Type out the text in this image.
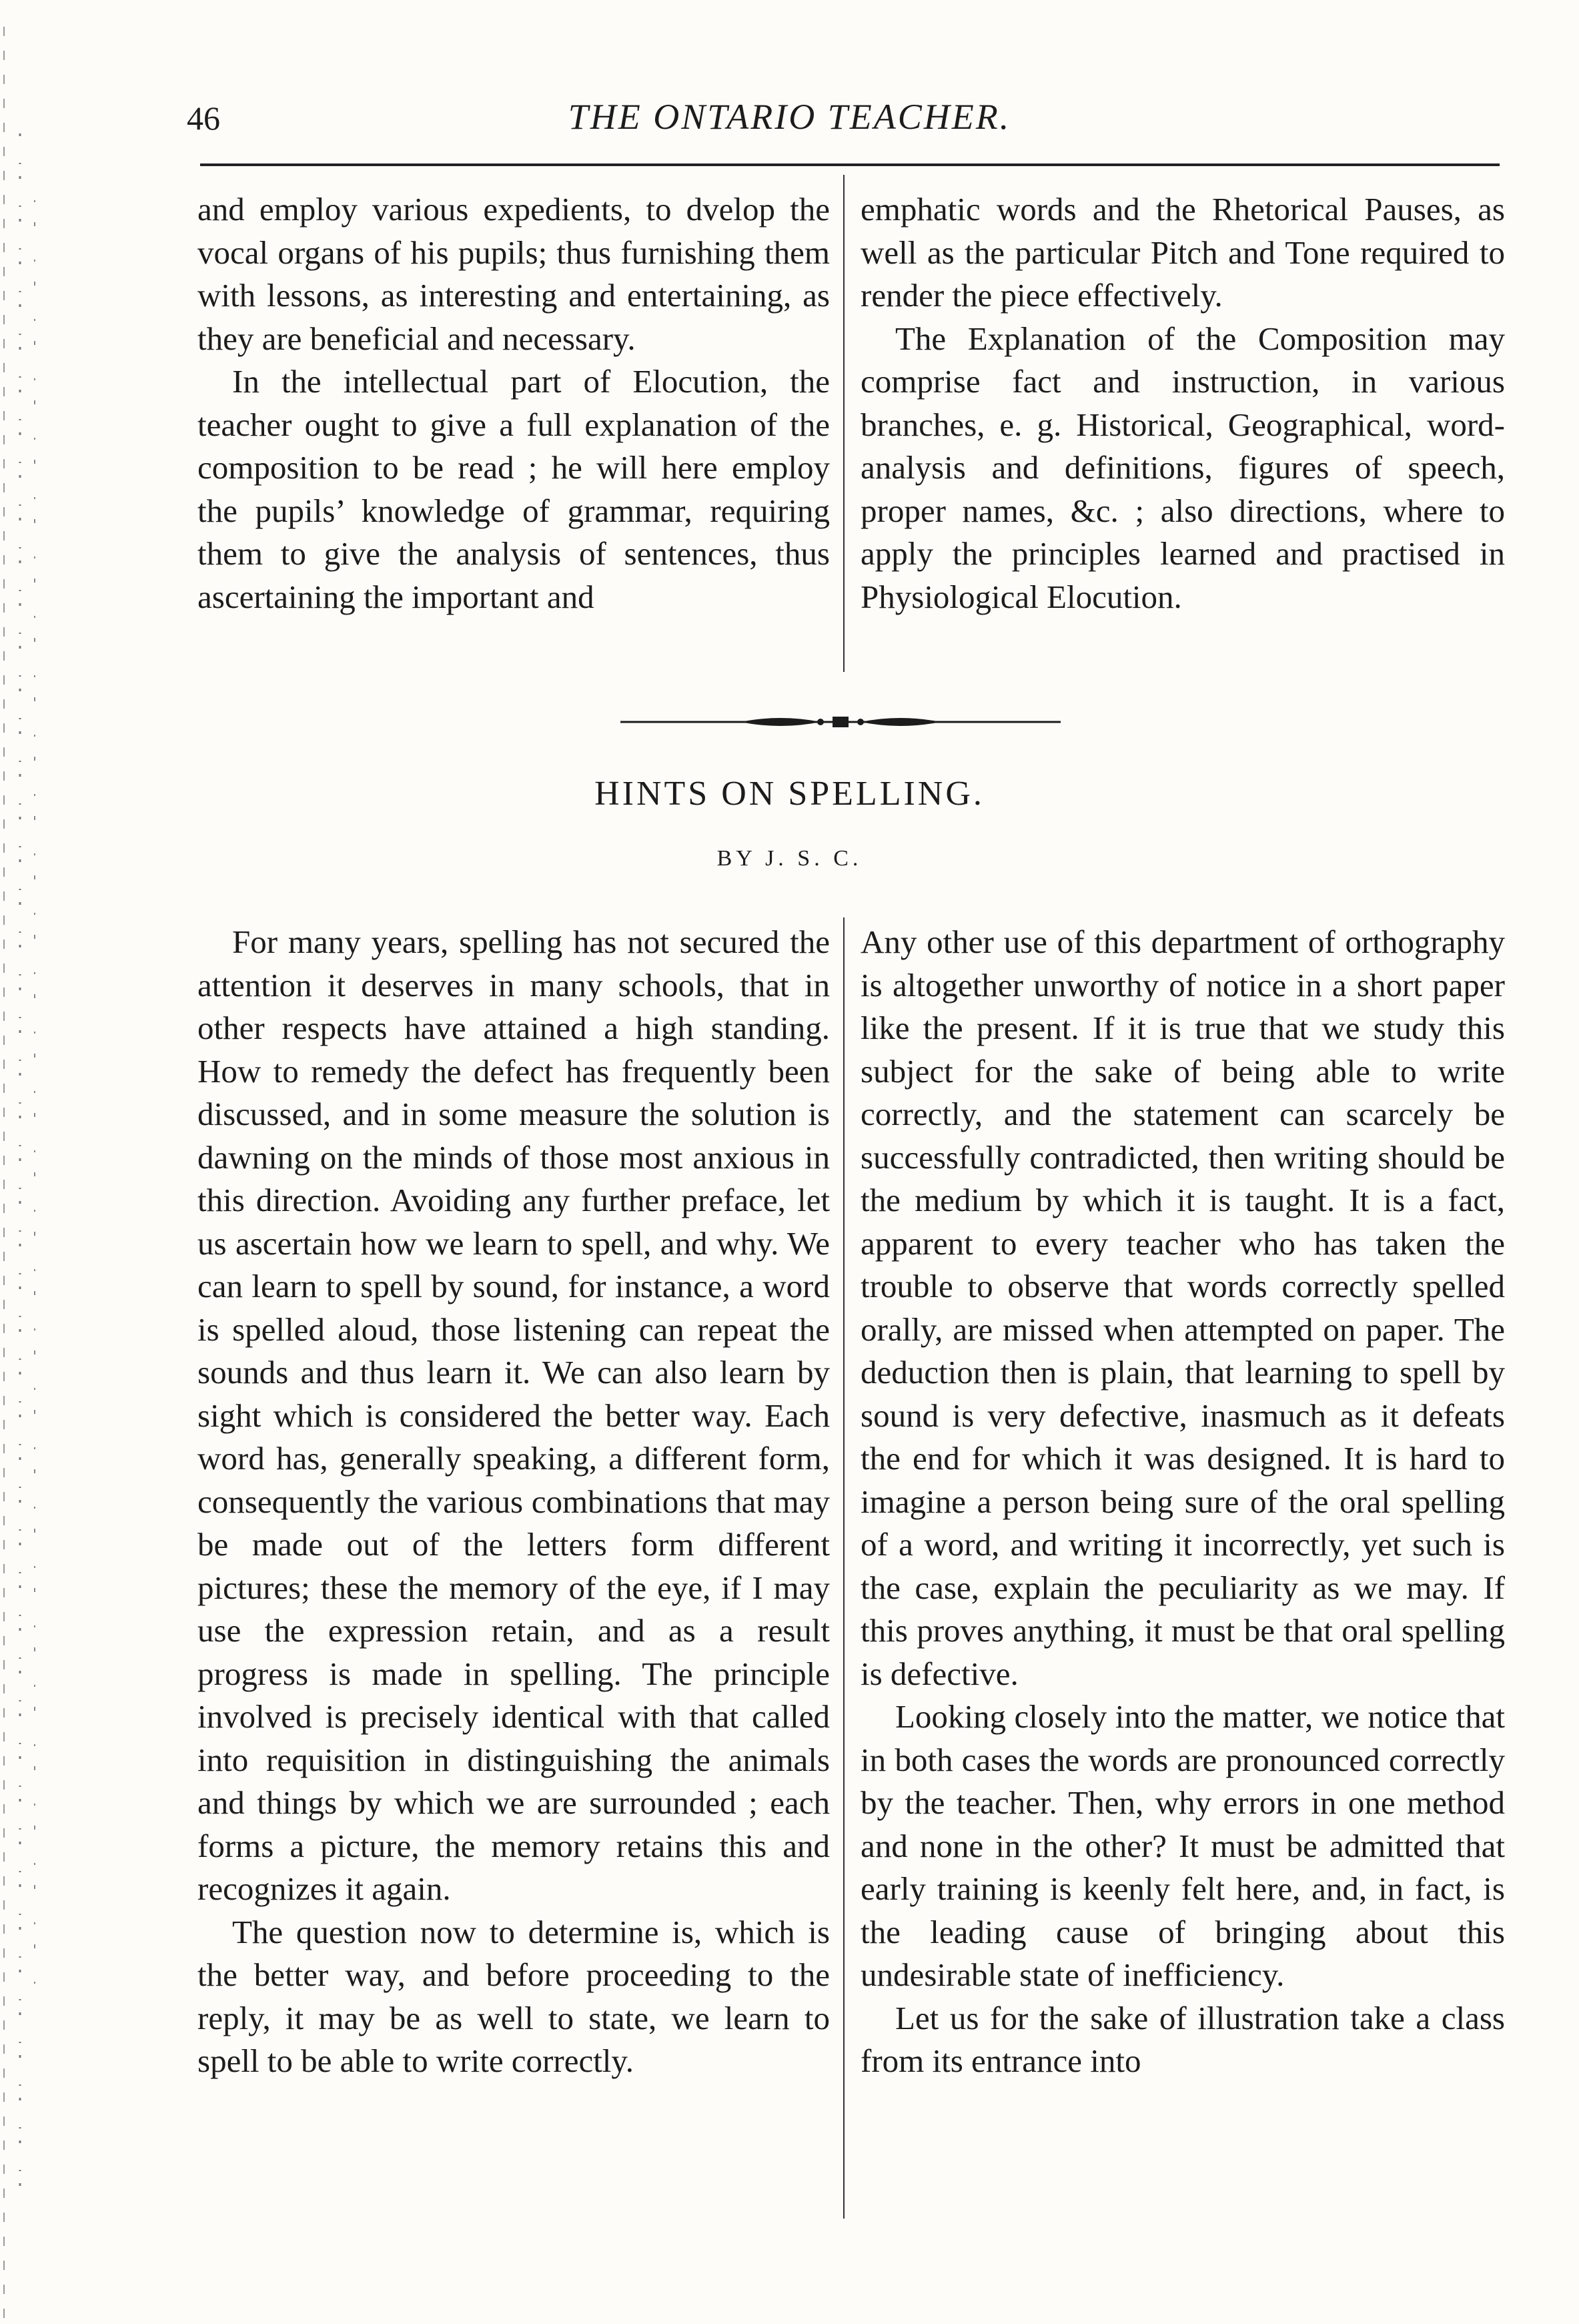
46	THE ONTARIO TEACHER.

and employ various expedients, to dvelop the vocal organs of his pupils; thus furnishing them with lessons, as interesting and entertaining, as they are beneficial and necessary.

In the intellectual part of Elocution, the teacher ought to give a full explanation of the composition to be read ; he will here employ the pupils’ knowledge of grammar, requiring them to give the analysis of sentences, thus ascertaining the important and

emphatic words and the Rhetorical Pauses, as well as the particular Pitch and Tone required to render the piece effectively.

The Explanation of the Composition may comprise fact and instruction, in various branches, e. g. Historical, Geographical, word-analysis and definitions, figures of speech, proper names, &c. ; also directions, where to apply the principles learned and practised in Physiological Elocution.

HINTS ON SPELLING.
BY J. S. C.

For many years, spelling has not secured the attention it deserves in many schools, that in other respects have attained a high standing. How to remedy the defect has frequently been discussed, and in some measure the solution is dawning on the minds of those most anxious in this direction. Avoiding any further preface, let us ascertain how we learn to spell, and why. We can learn to spell by sound, for instance, a word is spelled aloud, those listening can repeat the sounds and thus learn it. We can also learn by sight which is considered the better way. Each word has, generally speaking, a different form, consequently the various combinations that may be made out of the letters form different pictures; these the memory of the eye, if I may use the expression retain, and as a result progress is made in spelling. The principle involved is precisely identical with that called into requisition in distinguishing the animals and things by which we are surrounded ; each forms a picture, the memory retains this and recognizes it again.

The question now to determine is, which is the better way, and before proceeding to the reply, it may be as well to state, we learn to spell to be able to write correctly.

Any other use of this department of orthography is altogether unworthy of notice in a short paper like the present. If it is true that we study this subject for the sake of being able to write correctly, and the statement can scarcely be successfully contradicted, then writing should be the medium by which it is taught. It is a fact, apparent to every teacher who has taken the trouble to observe that words correctly spelled orally, are missed when attempted on paper. The deduction then is plain, that learning to spell by sound is very defective, inasmuch as it defeats the end for which it was designed. It is hard to imagine a person being sure of the oral spelling of a word, and writing it incorrectly, yet such is the case, explain the peculiarity as we may. If this proves anything, it must be that oral spelling is defective.

Looking closely into the matter, we notice that in both cases the words are pronounced correctly by the teacher. Then, why errors in one method and none in the other? It must be admitted that early training is keenly felt here, and, in fact, is the leading cause of bringing about this undesirable state of inefficiency.

Let us for the sake of illustration take a class from its entrance into
